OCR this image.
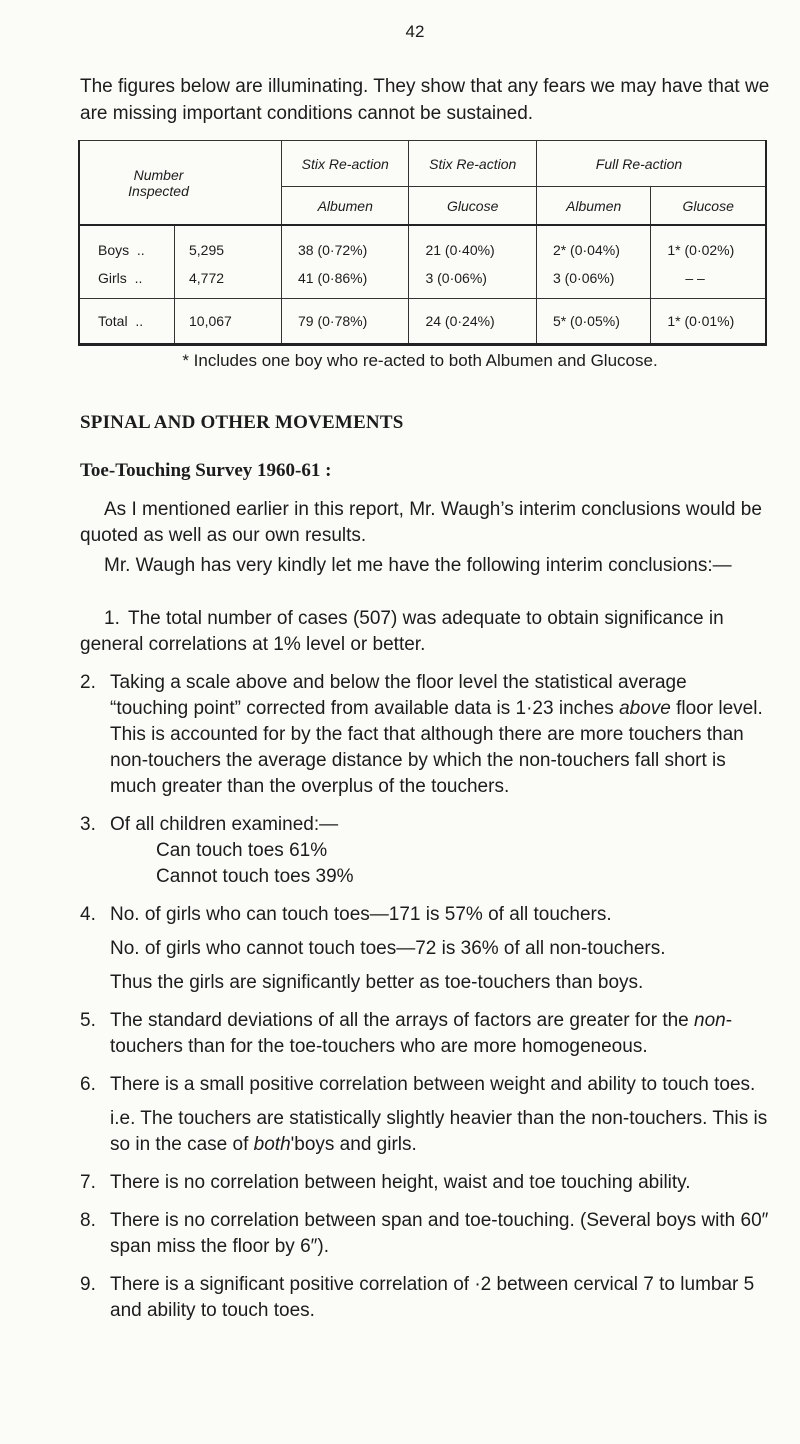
42
The figures below are illuminating. They show that any fears we may have that we are missing important conditions cannot be sustained.
Number
Inspected		Stix Re-action	Stix Re-action	Full Re-action	
		Albumen	Glucose	Albumen	Glucose
Boys ..	5,295	38 (0·72%)	21 (0·40%)	2* (0·04%)	1* (0·02%)
Girls ..	4,772	41 (0·86%)	3 (0·06%)	3 (0·06%)	– –
Total ..	10,067	79 (0·78%)	24 (0·24%)	5* (0·05%)	1* (0·01%)
* Includes one boy who re-acted to both Albumen and Glucose.
SPINAL AND OTHER MOVEMENTS
Toe-Touching Survey 1960-61 :
As I mentioned earlier in this report, Mr. Waugh’s interim conclusions would be quoted as well as our own results.
Mr. Waugh has very kindly let me have the following interim conclusions:—
1. The total number of cases (507) was adequate to obtain significance in general correlations at 1% level or better.
2. Taking a scale above and below the floor level the statistical average “touching point” corrected from available data is 1·23 inches above floor level. This is accounted for by the fact that although there are more touchers than non-touchers the average distance by which the non-touchers fall short is much greater than the overplus of the touchers.
3. Of all children examined:—
Can touch toes 61%
Cannot touch toes 39%
4. No. of girls who can touch toes—171 is 57% of all touchers.
No. of girls who cannot touch toes—72 is 36% of all non-touchers.
Thus the girls are significantly better as toe-touchers than boys.
5. The standard deviations of all the arrays of factors are greater for the non-touchers than for the toe-touchers who are more homogeneous.
6. There is a small positive correlation between weight and ability to touch toes.
i.e. The touchers are statistically slightly heavier than the non-touchers. This is so in the case of both'boys and girls.
7. There is no correlation between height, waist and toe touching ability.
8. There is no correlation between span and toe-touching. (Several boys with 60″ span miss the floor by 6″).
9. There is a significant positive correlation of ·2 between cervical 7 to lumbar 5 and ability to touch toes.
